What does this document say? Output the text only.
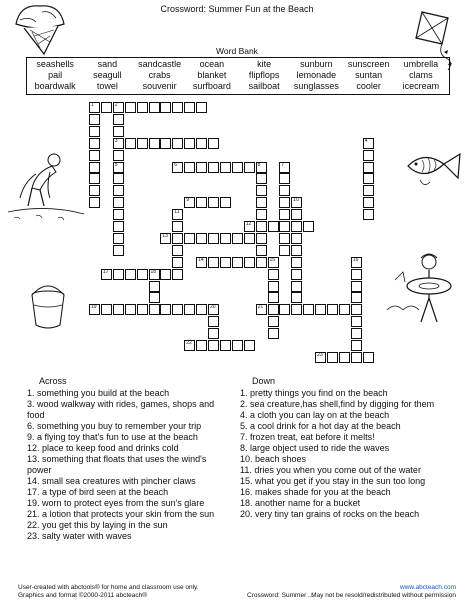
Crossword: Summer Fun at the Beach
Word Bank
seashells	sand	sandcastle	ocean	kite	sunburn	sunscreen	umbrella
pail	seagull	crabs	blanket	flipflops	lemonade	suntan	clams
boardwalk	towel	souvenir	surfboard	sailboat	sunglasses	cooler	icecream
1	2
3	4
5	6	8	7
9	10
11
12
13
14	15	16
17	18
19	20	21
22
23
Across
1. something you build at the beach
3. wood walkway with rides, games, shops and food
6. something you buy to remember your trip
9. a flying toy that's fun to use at the beach
12. place to keep food and drinks cold
13. something that floats that uses the wind's power
14. small sea creatures with pincher claws
17. a type of bird seen at the beach
19. worn to protect eyes from the sun's glare
21. a lotion that protects your skin from the sun
22. you get this by laying in the sun
23. salty water with waves
Down
1. pretty things you find on the beach
2. sea creature,has shell,find by digging for them
4. a cloth you can lay on at the beach
5. a cool drink for a hot day at the beach
7. frozen treat, eat before it melts!
8. large object used to ride the waves
10. beach shoes
11. dries you when you come out of the water
15. what you get if you stay in the sun too long
16. makes shade for you at the beach
18. another name for a bucket
20. very tiny tan grains of rocks on the beach
User-created with abctools® for home and classroom use only.
Graphics and format ©2000-2011 abcteach®	Crossword: Summer ...
www.abcteach.com
May not be resold/redistributed without permission
